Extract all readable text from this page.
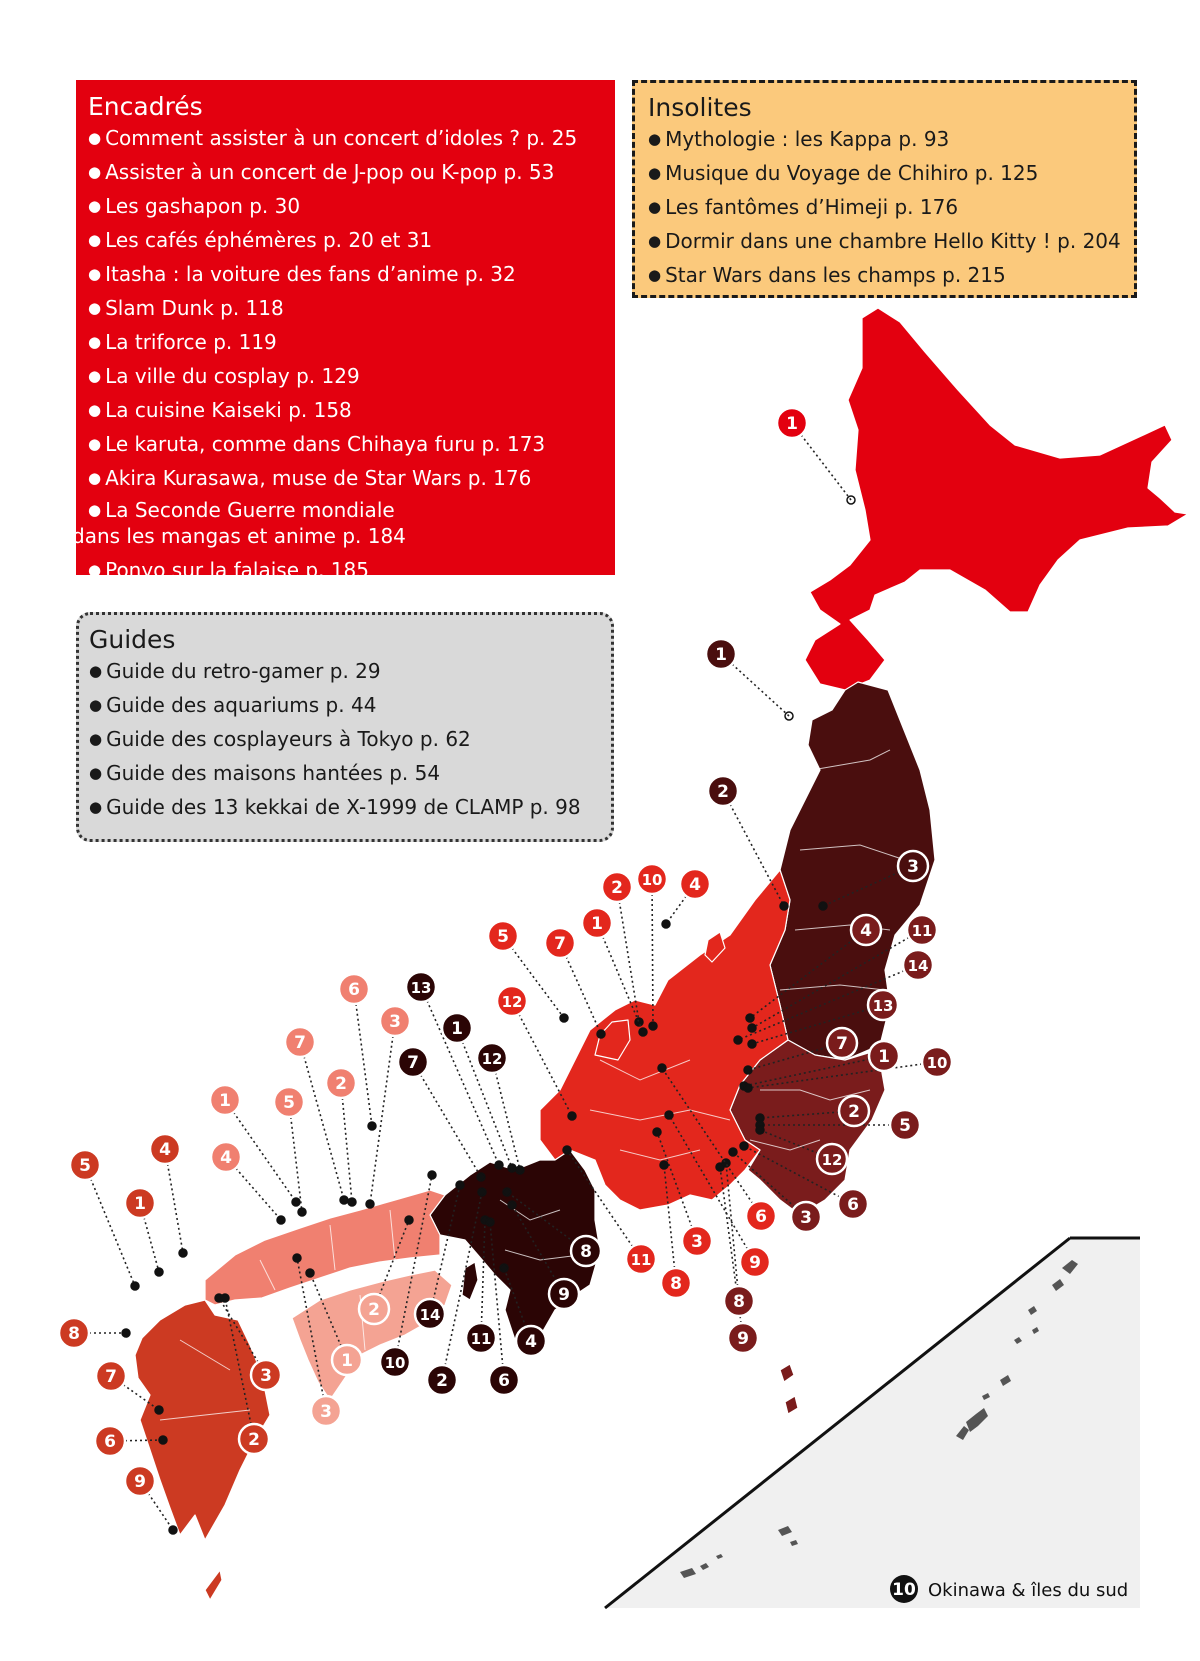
1
1
2
3
4	11
14
13
7
1 10
2
5
12
6
3
8
9
2 10 4
5	7
1
12
6
9
3
11
8
13
1
7	12
8
9
4
14
11
10
2	6
6
3
7
2
1	5
4
2
1
3
5
4
1
8
3
7
2
6
9
10 Okinawa & îles du sud
Encadrés
● Comment assister à un concert d’idoles ? p. 25
● Assister à un concert de J-pop ou K-pop p. 53
● Les gashapon p. 30
● Les cafés éphémères p. 20 et 31
● Itasha : la voiture des fans d’anime p. 32
● Slam Dunk p. 118
● La triforce p. 119
● La ville du cosplay p. 129
● La cuisine Kaiseki p. 158
● Le karuta, comme dans Chihaya furu p. 173
● Akira Kurasawa, muse de Star Wars p. 176
● La Seconde Guerre mondiale
dans les mangas et anime p. 184
● Ponyo sur la falaise p. 185
Insolites
● Mythologie : les Kappa p. 93
● Musique du Voyage de Chihiro p. 125
● Les fantômes d’Himeji p. 176
● Dormir dans une chambre Hello Kitty ! p. 204
● Star Wars dans les champs p. 215
Guides
● Guide du retro-gamer p. 29
● Guide des aquariums p. 44
● Guide des cosplayeurs à Tokyo p. 62
● Guide des maisons hantées p. 54
● Guide des 13 kekkai de X-1999 de CLAMP p. 98
